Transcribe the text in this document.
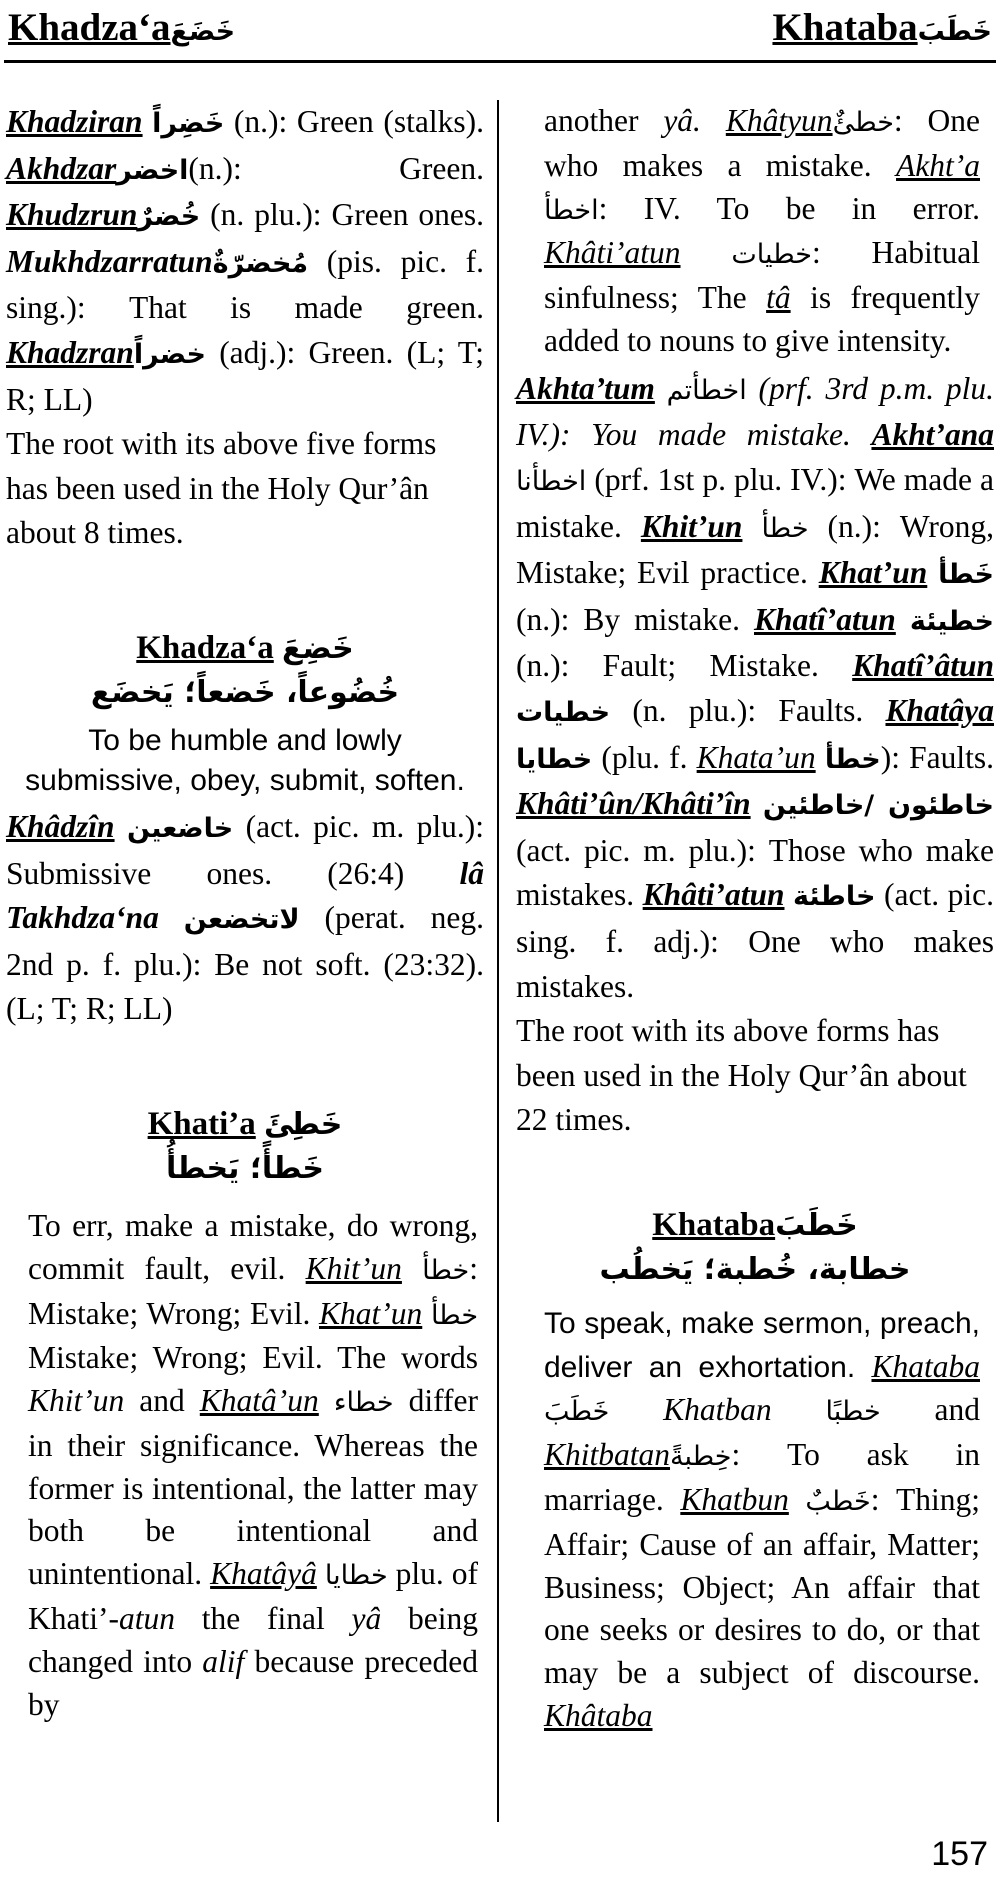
Khadza‘aخَضَعَ	Khatabaخَطَبَ
Khadziran خَضِراً (n.): Green (stalks). Akhdzarاخضر(n.): Green. Khudzrunخُضرٌ (n. plu.): Green ones. Mukhdzarratunمُخضرّةٌ (pis. pic. f. sing.): That is made green. Khadzranخضراً (adj.): Green. (L; T; R; LL)
The root with its above five forms has been used in the Holy Qur’ân about 8 times.
Khadza‘a خَضِعَ
خُضُوعاً، خَضعاً؛ يَخضَع
To be humble and lowly submissive, obey, submit, soften.
Khâdzîn خاضعين (act. pic. m. plu.): Submissive ones. (26:4) lâ Takhdza‘na لاتخضعن (perat. neg. 2nd p. f. plu.): Be not soft. (23:32). (L; T; R; LL)
Khati’a خَطِئَ
خَطأً؛ يَخطأُ
To err, make a mistake, do wrong, commit fault, evil. Khit’un خطأ: Mistake; Wrong; Evil. Khat’un خطأ Mistake; Wrong; Evil. The words Khit’un and Khatâ’un خطاء differ in their significance. Whereas the former is intentional, the latter may both be intentional and unintentional. Khatâyâ خطايا plu. of Khati’-atun the final yâ being changed into alif because preceded by
another yâ. Khâtyunخطئٌ: One who makes a mistake. Akht’a اخطأ: IV. To be in error. Khâti’atun خطيات: Habitual sinfulness; The tâ is frequently added to nouns to give intensity.
Akhta’tum اخطأتم (prf. 3rd p.m. plu. IV.): You made mistake. Akht’ana اخطأنا (prf. 1st p. plu. IV.): We made a mistake. Khit’un خطأ (n.): Wrong, Mistake; Evil practice. Khat’un خَطأ (n.): By mistake. Khatî’atun خطيئة (n.): Fault; Mistake. Khatî’âtun خطيات (n. plu.): Faults. Khatâya خطايا (plu. f. Khata’un خطأ): Faults. Khâti’ûn/Khâti’în خاطئون /خاطئين (act. pic. m. plu.): Those who make mistakes. Khâti’atun خاطئة (act. pic. sing. f. adj.): One who makes mistakes.
The root with its above forms has been used in the Holy Qur’ân about 22 times.
Khatabaخَطَبَ
خطابة، خُطبة؛ يَخطُب
To speak, make sermon, preach, deliver an exhortation. Khataba خَطَبَ Khatban خطبًا and Khitbatanخِطبةً: To ask in marriage. Khatbun خَطبٌ: Thing; Affair; Cause of an affair, Matter; Business; Object; An affair that one seeks or desires to do, or that may be a subject of discourse. Khâtaba
157
